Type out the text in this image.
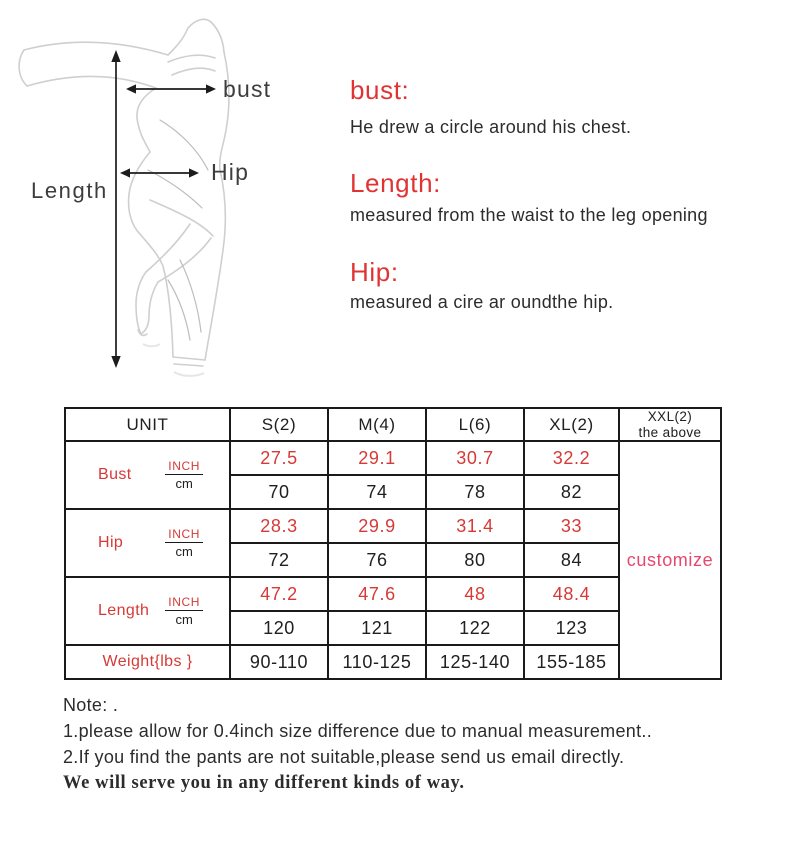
Length
bust
Hip
bust:

He drew a circle around his chest.

Length:

measured from the waist to the leg opening

Hip:

measured a cire ar oundthe hip.

UNIT	S(2)	M(4)	L(6)	XL(2)	XXL(2)
the above

Bust $\frac{\text{INCH}}{cm}$	27.5	29.1	30.7	32.2	customize
	70	74	78	82	

Hip $\frac{\text{INCH}}{cm}$	28.3	29.9	31.4	33	
	72	76	80	84	

Length $\frac{\text{INCH}}{cm}$	47.2	47.6	48	48.4	
	120	121	122	123	
Weight{lbs }	90-110	110-125	125-140	155-185	

Note: .

1.please allow for 0.4inch size difference due to manual measurement..

2.If you find the pants are not suitable,please send us email directly.

We will serve you in any different kinds of way.
